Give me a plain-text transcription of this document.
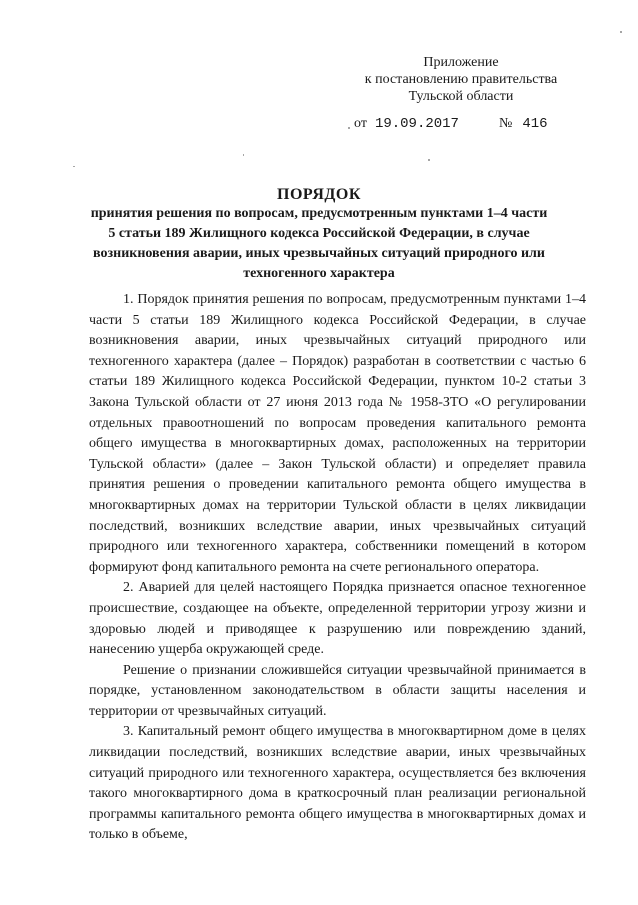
Приложение
к постановлению правительства
Тульской области
от 19.09.2017	№ 416
ПОРЯДОК
принятия решения по вопросам, предусмотренным пунктами 1–4 части 5 статьи 189 Жилищного кодекса Российской Федерации, в случае возникновения аварии, иных чрезвычайных ситуаций природного или техногенного характера

1. Порядок принятия решения по вопросам, предусмотренным пунктами 1–4 части 5 статьи 189 Жилищного кодекса Российской Федерации, в случае возникновения аварии, иных чрезвычайных ситуаций природного или техногенного характера (далее – Порядок) разработан в соответствии с частью 6 статьи 189 Жилищного кодекса Российской Федерации, пунктом 10-2 статьи 3 Закона Тульской области от 27 июня 2013 года № 1958-ЗТО «О регулировании отдельных правоотношений по вопросам проведения капитального ремонта общего имущества в многоквартирных домах, расположенных на территории Тульской области» (далее – Закон Тульской области) и определяет правила принятия решения о проведении капитального ремонта общего имущества в многоквартирных домах на территории Тульской области в целях ликвидации последствий, возникших вследствие аварии, иных чрезвычайных ситуаций природного или техногенного характера, собственники помещений в котором формируют фонд капитального ремонта на счете регионального оператора.

2. Аварией для целей настоящего Порядка признается опасное техногенное происшествие, создающее на объекте, определенной территории угрозу жизни и здоровью людей и приводящее к разрушению или повреждению зданий, нанесению ущерба окружающей среде.

Решение о признании сложившейся ситуации чрезвычайной принимается в порядке, установленном законодательством в области защиты населения и территории от чрезвычайных ситуаций.

3. Капитальный ремонт общего имущества в многоквартирном доме в целях ликвидации последствий, возникших вследствие аварии, иных чрезвычайных ситуаций природного или техногенного характера, осуществляется без включения такого многоквартирного дома в краткосрочный план реализации региональной программы капитального ремонта общего имущества в многоквартирных домах и только в объеме,
